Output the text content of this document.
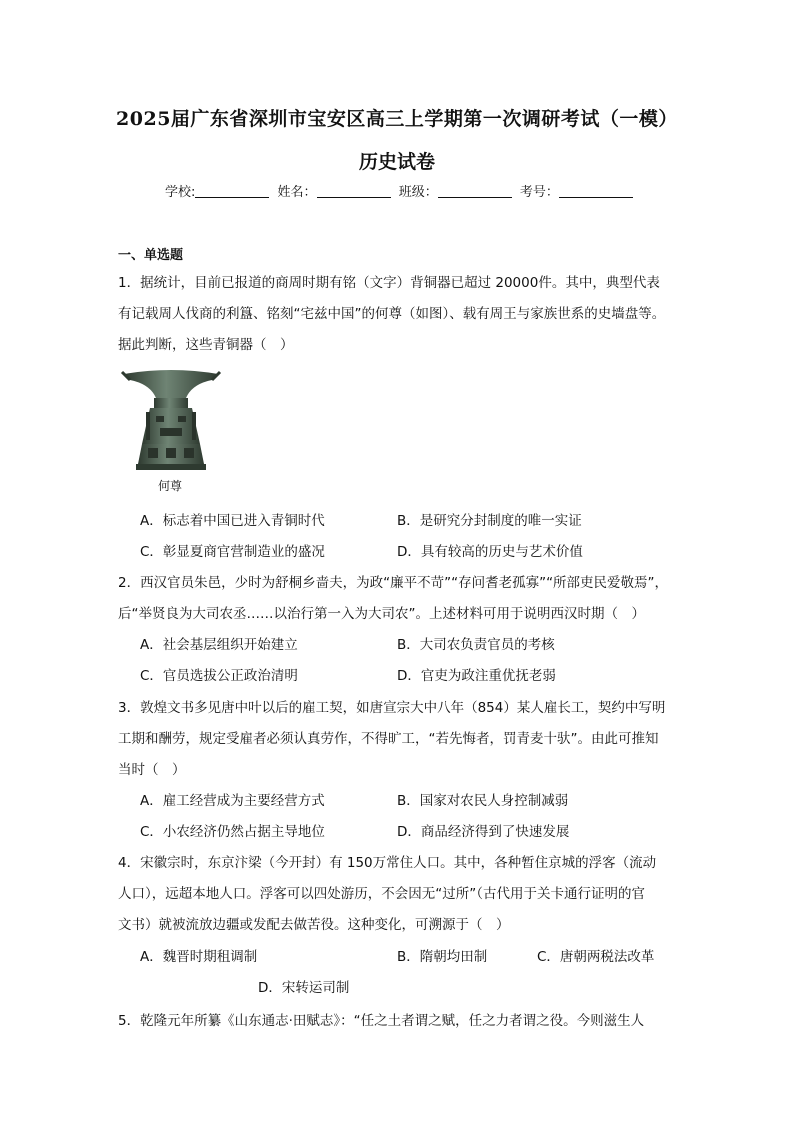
2025届广东省深圳市宝安区高三上学期第一次调研考试（一模）
历史试卷
学校:	姓名：	班级：	考号：
一、单选题
1．据统计，目前已报道的商周时期有铭（文字）背铜器已超过 20000件。其中，典型代表
有记载周人伐商的利簋、铭刻“宅兹中国”的何尊（如图）、载有周王与家族世系的史墙盘等。
据此判断，这些青铜器（　）
何尊
A．标志着中国已进入青铜时代	B．是研究分封制度的唯一实证
C．彰显夏商官营制造业的盛况	D．具有较高的历史与艺术价值
2．西汉官员朱邑，少时为舒桐乡啬夫，为政“廉平不苛”“存问耆老孤寡”“所部吏民爱敬焉”，
后“举贤良为大司农丞……以治行第一入为大司农”。上述材料可用于说明西汉时期（　）
A．社会基层组织开始建立	B．大司农负责官员的考核
C．官员选拔公正政治清明	D．官吏为政注重优抚老弱
3．敦煌文书多见唐中叶以后的雇工契，如唐宣宗大中八年（854）某人雇长工，契约中写明
工期和酬劳，规定受雇者必须认真劳作，不得旷工，“若先悔者，罚青麦十驮”。由此可推知
当时（　）
A．雇工经营成为主要经营方式	B．国家对农民人身控制减弱
C．小农经济仍然占据主导地位	D．商品经济得到了快速发展
4．宋徽宗时，东京汴梁（今开封）有 150万常住人口。其中，各种暂住京城的浮客（流动
人口），远超本地人口。浮客可以四处游历，不会因无“过所”（古代用于关卡通行证明的官
文书）就被流放边疆或发配去做苦役。这种变化，可溯源于（　）
A．魏晋时期租调制	B．隋朝均田制	C．唐朝两税法改革
D．宋转运司制
5．乾隆元年所纂《山东通志·田赋志》：“任之土者谓之赋，任之力者谓之役。今则滋生人
